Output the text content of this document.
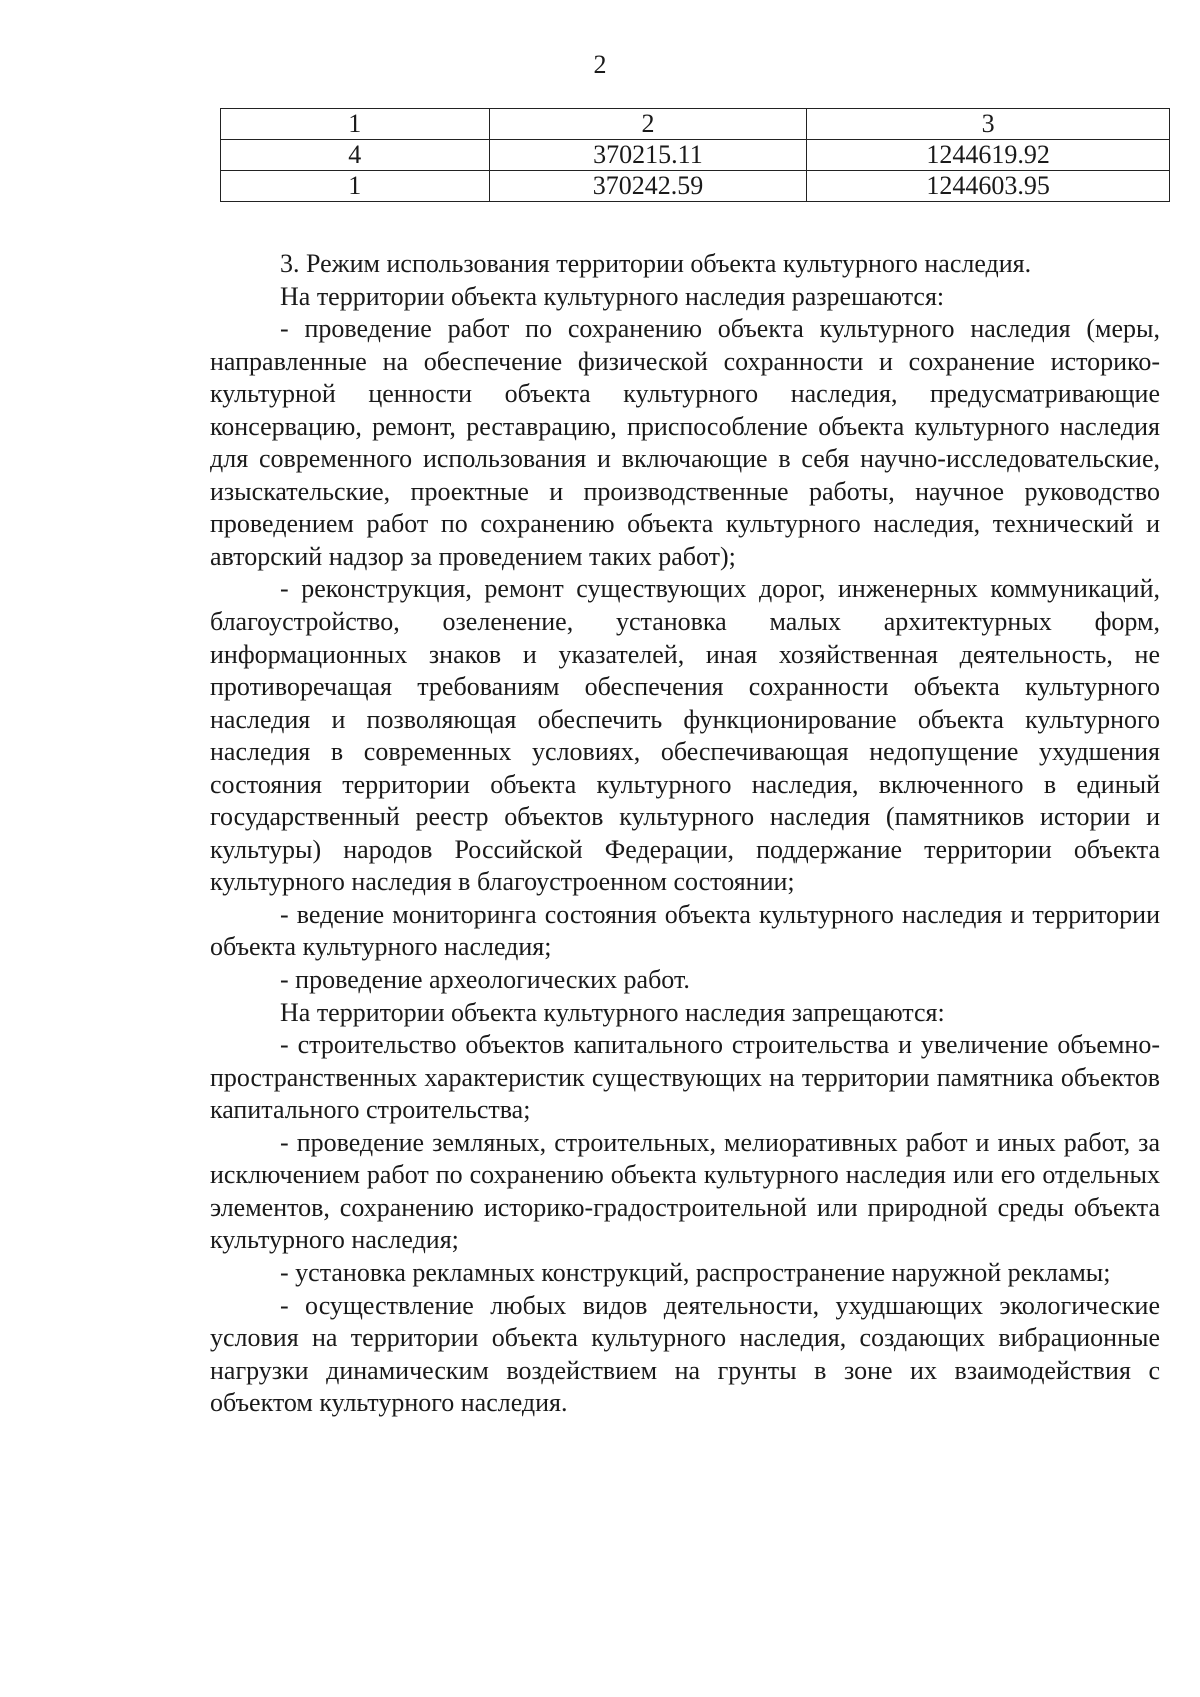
2
1	2	3
4	370215.11	1244619.92
1	370242.59	1244603.95

3. Режим использования территории объекта культурного наследия.

На территории объекта культурного наследия разрешаются:

- проведение работ по сохранению объекта культурного наследия (меры, направленные на обеспечение физической сохранности и сохранение историко-культурной ценности объекта культурного наследия, предусматривающие консервацию, ремонт, реставрацию, приспособление объекта культурного наследия для современного использования и включающие в себя научно-исследовательские, изыскательские, проектные и производственные работы, научное руководство проведением работ по сохранению объекта культурного наследия, технический и авторский надзор за проведением таких работ);

- реконструкция, ремонт существующих дорог, инженерных коммуникаций, благоустройство, озеленение, установка малых архитектурных форм, информационных знаков и указателей, иная хозяйственная деятельность, не противоречащая требованиям обеспечения сохранности объекта культурного наследия и позволяющая обеспечить функционирование объекта культурного наследия в современных условиях, обеспечивающая недопущение ухудшения состояния территории объекта культурного наследия, включенного в единый государственный реестр объектов культурного наследия (памятников истории и культуры) народов Российской Федерации, поддержание территории объекта культурного наследия в благоустроенном состоянии;

- ведение мониторинга состояния объекта культурного наследия и территории объекта культурного наследия;

- проведение археологических работ.

На территории объекта культурного наследия запрещаются:

- строительство объектов капитального строительства и увеличение объемно-пространственных характеристик существующих на территории памятника объектов капитального строительства;

- проведение земляных, строительных, мелиоративных работ и иных работ, за исключением работ по сохранению объекта культурного наследия или его отдельных элементов, сохранению историко-градостроительной или природной среды объекта культурного наследия;

- установка рекламных конструкций, распространение наружной рекламы;

- осуществление любых видов деятельности, ухудшающих экологические условия на территории объекта культурного наследия, создающих вибрационные нагрузки динамическим воздействием на грунты в зоне их взаимодействия с объектом культурного наследия.
